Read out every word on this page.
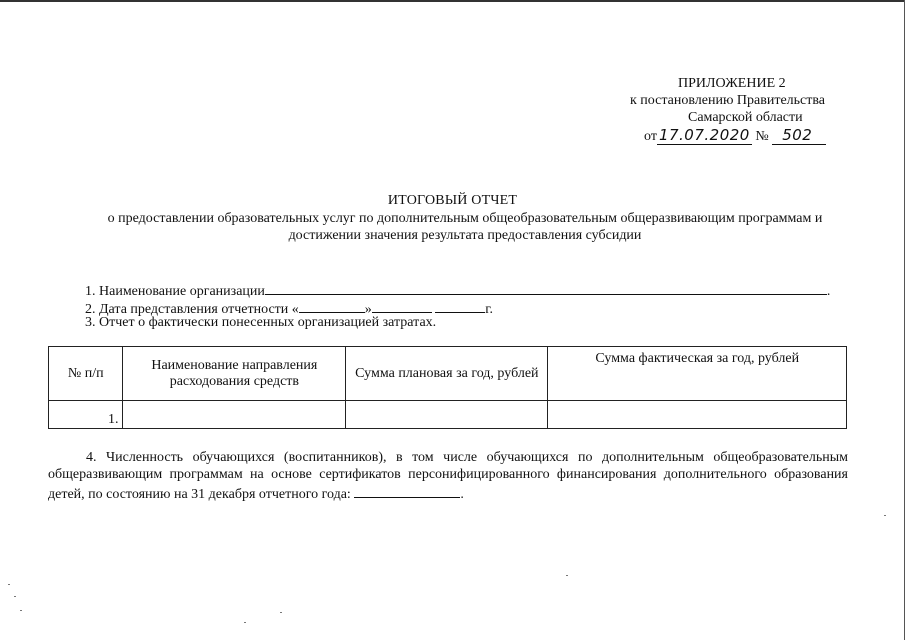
ПРИЛОЖЕНИЕ 2
к постановлению Правительства
Самарской области
от 17.07.2020 № 502
ИТОГОВЫЙ ОТЧЕТ
о предоставлении образовательных услуг по дополнительным общеобразовательным общеразвивающим программам и достижении значения результата предоставления субсидии
1. Наименование организации	.
2. Дата представления отчетности «	»	г.
3. Отчет о фактически понесенных организацией затратах.
№ п/п	Наименование направления расходования средств	Сумма плановая за год, рублей	Сумма фактическая за год, рублей
1.			
4. Численность обучающихся (воспитанников), в том числе обучающихся по дополнительным общеобразовательным общеразвивающим программам на основе сертификатов персонифицированного финансирования дополнительного образования детей, по состоянию на 31 декабря отчетного года:	.
